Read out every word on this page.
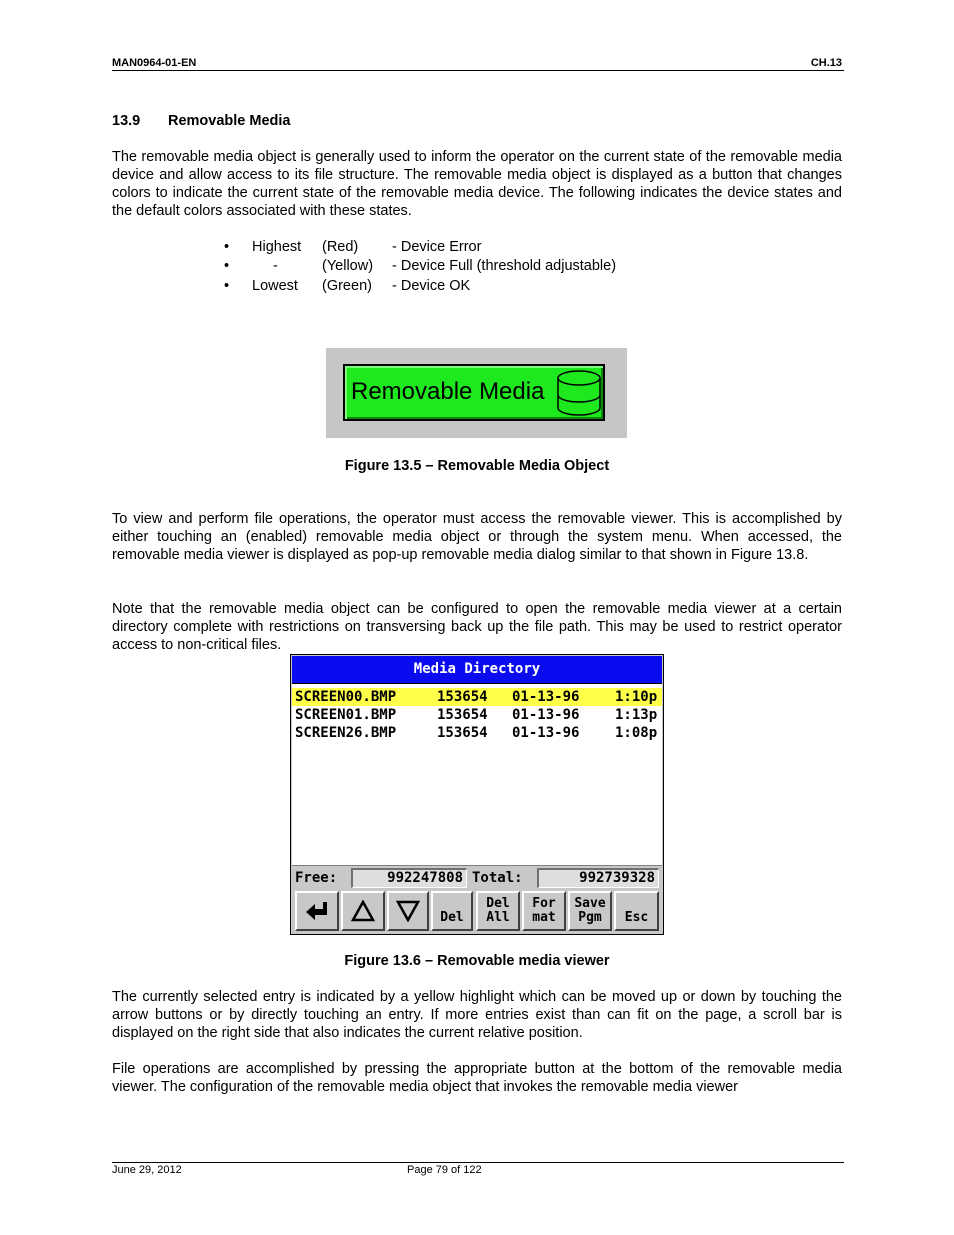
MAN0964-01-EN	CH.13
13.9 Removable Media
The removable media object is generally used to inform the operator on the current state of the removable media device and allow access to its file structure. The removable media object is displayed as a button that changes colors to indicate the current state of the removable media device. The following indicates the device states and the default colors associated with these states.
• Highest (Red) - Device Error
•	-	(Yellow) - Device Full (threshold adjustable)
• Lowest (Green) - Device OK
Removable Media
Figure 13.5 – Removable Media Object
To view and perform file operations, the operator must access the removable viewer. This is accomplished by either touching an (enabled) removable media object or through the system menu. When accessed, the removable media viewer is displayed as pop-up removable media dialog similar to that shown in Figure 13.8.
Note that the removable media object can be configured to open the removable media viewer at a certain directory complete with restrictions on transversing back up the file path. This may be used to restrict operator access to non-critical files.
Media Directory
SCREEN00.BMP	153654 01-13-96	1:10p
SCREEN01.BMP	153654 01-13-96	1:13p
SCREEN26.BMP	153654 01-13-96	1:08p
Free:	992247808 Total:	992739328
Del
Del
All
For
mat
Save
Pgm	Esc
Figure 13.6 – Removable media viewer
The currently selected entry is indicated by a yellow highlight which can be moved up or down by touching the arrow buttons or by directly touching an entry. If more entries exist than can fit on the page, a scroll bar is displayed on the right side that also indicates the current relative position.
File operations are accomplished by pressing the appropriate button at the bottom of the removable media viewer. The configuration of the removable media object that invokes the removable media viewer
June 29, 2012	Page 79 of 122
